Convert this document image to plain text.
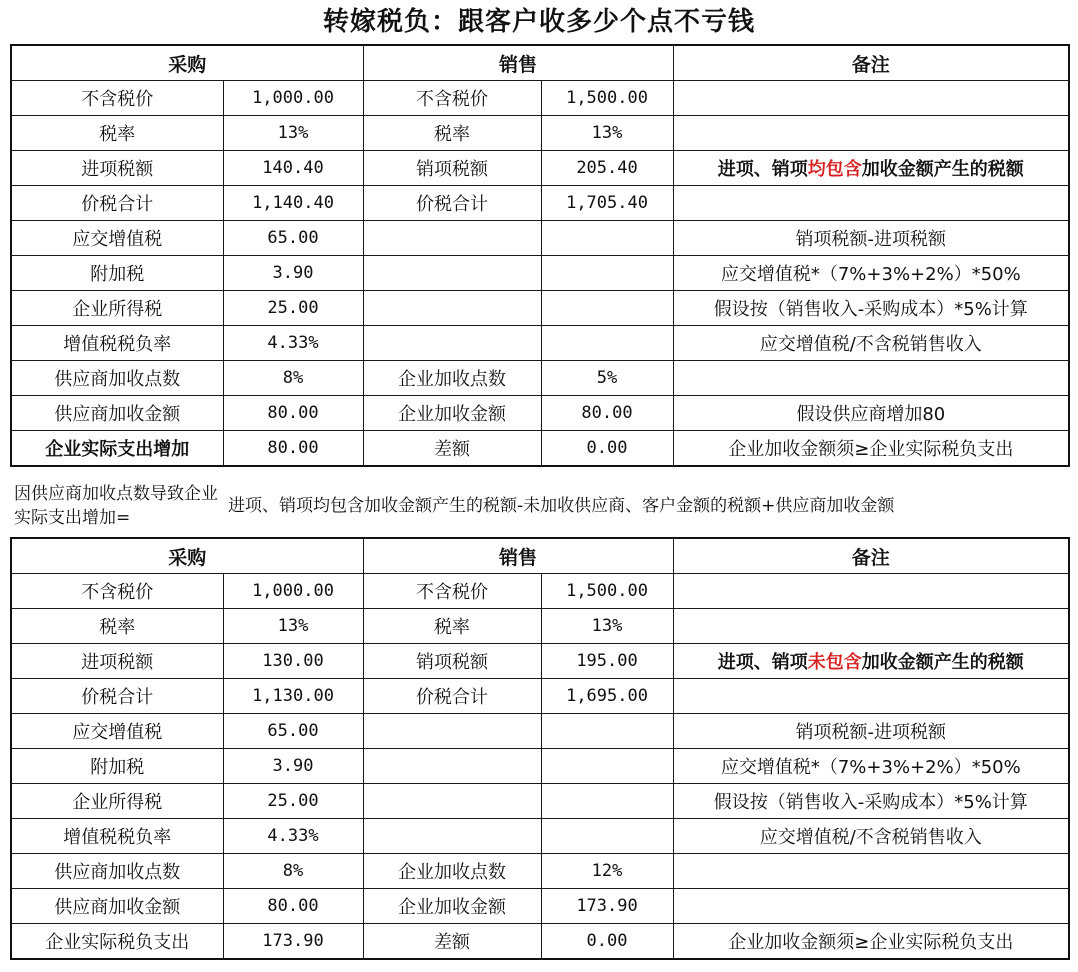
转嫁税负：跟客户收多少个点不亏钱
采购		销售		备注
不含税价	1,000.00	不含税价	1,500.00	
税率	13%	税率	13%	
进项税额	140.40	销项税额	205.40	进项、销项均包含加收金额产生的税额
价税合计	1,140.40	价税合计	1,705.40	
应交增值税	65.00			销项税额-进项税额
附加税	3.90			应交增值税*（7%+3%+2%）*50%
企业所得税	25.00			假设按（销售收入-采购成本）*5%计算
增值税税负率	4.33%			应交增值税/不含税销售收入
供应商加收点数	8%	企业加收点数	5%	
供应商加收金额	80.00	企业加收金额	80.00	假设供应商增加80
企业实际支出增加	80.00	差额	0.00	企业加收金额须≥企业实际税负支出
因供应商加收点数导致企业实际支出增加=
进项、销项均包含加收金额产生的税额-未加收供应商、客户金额的税额+供应商加收金额
采购		销售		备注
不含税价	1,000.00	不含税价	1,500.00	
税率	13%	税率	13%	
进项税额	130.00	销项税额	195.00	进项、销项未包含加收金额产生的税额
价税合计	1,130.00	价税合计	1,695.00	
应交增值税	65.00			销项税额-进项税额
附加税	3.90			应交增值税*（7%+3%+2%）*50%
企业所得税	25.00			假设按（销售收入-采购成本）*5%计算
增值税税负率	4.33%			应交增值税/不含税销售收入
供应商加收点数	8%	企业加收点数	12%	
供应商加收金额	80.00	企业加收金额	173.90	
企业实际税负支出	173.90	差额	0.00	企业加收金额须≥企业实际税负支出
